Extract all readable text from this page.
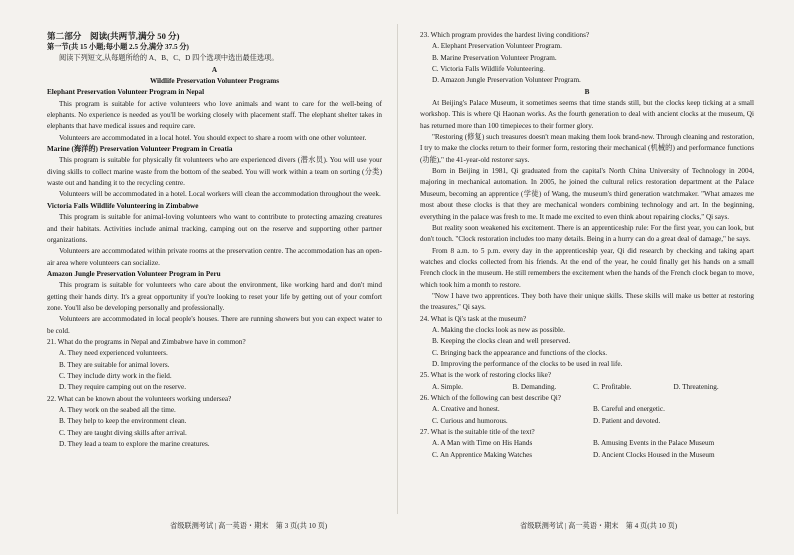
第二部分　阅读(共两节,满分 50 分)

第一节(共 15 小题;每小题 2.5 分,满分 37.5 分)

阅读下列短文,从每题所给的 A、B、C、D 四个选项中选出最佳选项。

A

Wildlife Preservation Volunteer Programs

Elephant Preservation Volunteer Program in Nepal

This program is suitable for active volunteers who love animals and want to care for the well-being of elephants. No experience is needed as you'll be working closely with placement staff. The elephant shelter takes in elephants that have medical issues and require care.

Volunteers are accommodated in a local hotel. You should expect to share a room with one other volunteer.

Marine (海洋的) Preservation Volunteer Program in Croatia

This program is suitable for physically fit volunteers who are experienced divers (潜水员). You will use your diving skills to collect marine waste from the bottom of the seabed. You will work within a team on sorting (分类) waste out and handing it to the recycling centre.

Volunteers will be accommodated in a hotel. Local workers will clean the accommodation throughout the week.

Victoria Falls Wildlife Volunteering in Zimbabwe

This program is suitable for animal-loving volunteers who want to contribute to protecting amazing creatures and their habitats. Activities include animal tracking, camping out on the reserve and supporting other partner organizations.

Volunteers are accommodated within private rooms at the preservation centre. The accommodation has an open-air area where volunteers can socialize.

Amazon Jungle Preservation Volunteer Program in Peru

This program is suitable for volunteers who care about the environment, like working hard and don't mind getting their hands dirty. It's a great opportunity if you're looking to reset your life by getting out of your comfort zone. You'll also be developing personally and professionally.

Volunteers are accommodated in local people's houses. There are running showers but you can expect water to be cold.

21. What do the programs in Nepal and Zimbabwe have in common?

A. They need experienced volunteers.

B. They are suitable for animal lovers.

C. They include dirty work in the field.

D. They require camping out on the reserve.

22. What can be known about the volunteers working undersea?

A. They work on the seabed all the time.

B. They help to keep the environment clean.

C. They are taught diving skills after arrival.

D. They lead a team to explore the marine creatures.

23. Which program provides the hardest living conditions?

A. Elephant Preservation Volunteer Program.

B. Marine Preservation Volunteer Program.

C. Victoria Falls Wildlife Volunteering.

D. Amazon Jungle Preservation Volunteer Program.

B

At Beijing's Palace Museum, it sometimes seems that time stands still, but the clocks keep ticking at a small workshop. This is where Qi Haonan works. As the fourth generation to deal with ancient clocks at the museum, Qi has returned more than 100 timepieces to their former glory.

"Restoring (修复) such treasures doesn't mean making them look brand-new. Through cleaning and restoration, I try to make the clocks return to their former form, restoring their mechanical (机械的) and performance functions (功能)," the 41-year-old restorer says.

Born in Beijing in 1981, Qi graduated from the capital's North China University of Technology in 2004, majoring in mechanical automation. In 2005, he joined the cultural relics restoration department at the Palace Museum, becoming an apprentice (学徒) of Wang, the museum's third generation watchmaker. "What amazes me most about these clocks is that they are mechanical wonders combining technology and art. In the beginning, everything in the palace was fresh to me. It made me excited to even think about repairing clocks," Qi says.

But reality soon weakened his excitement. There is an apprenticeship rule: For the first year, you can look, but don't touch. "Clock restoration includes too many details. Being in a hurry can do a great deal of damage," he says.

From 8 a.m. to 5 p.m. every day in the apprenticeship year, Qi did research by checking and taking apart watches and clocks collected from his friends. At the end of the year, he could finally get his hands on a small French clock in the museum. He still remembers the excitement when the hands of the French clock began to move, which took him a month to restore.

"Now I have two apprentices. They both have their unique skills. These skills will make us better at restoring the treasures," Qi says.

24. What is Qi's task at the museum?

A. Making the clocks look as new as possible.

B. Keeping the clocks clean and well preserved.

C. Bringing back the appearance and functions of the clocks.

D. Improving the performance of the clocks to be used in real life.

25. What is the work of restoring clocks like?

A. Simple.	B. Demanding.	C. Profitable.	D. Threatening.

26. Which of the following can best describe Qi?

A. Creative and honest.	B. Careful and energetic.
C. Curious and humorous.	D. Patient and devoted.

27. What is the suitable title of the text?

A. A Man with Time on His Hands	B. Amusing Events in the Palace Museum
C. An Apprentice Making Watches	D. Ancient Clocks Housed in the Museum
省级联测考试 | 高一英语・期末　第 3 页(共 10 页)	省级联测考试 | 高一英语・期末　第 4 页(共 10 页)
